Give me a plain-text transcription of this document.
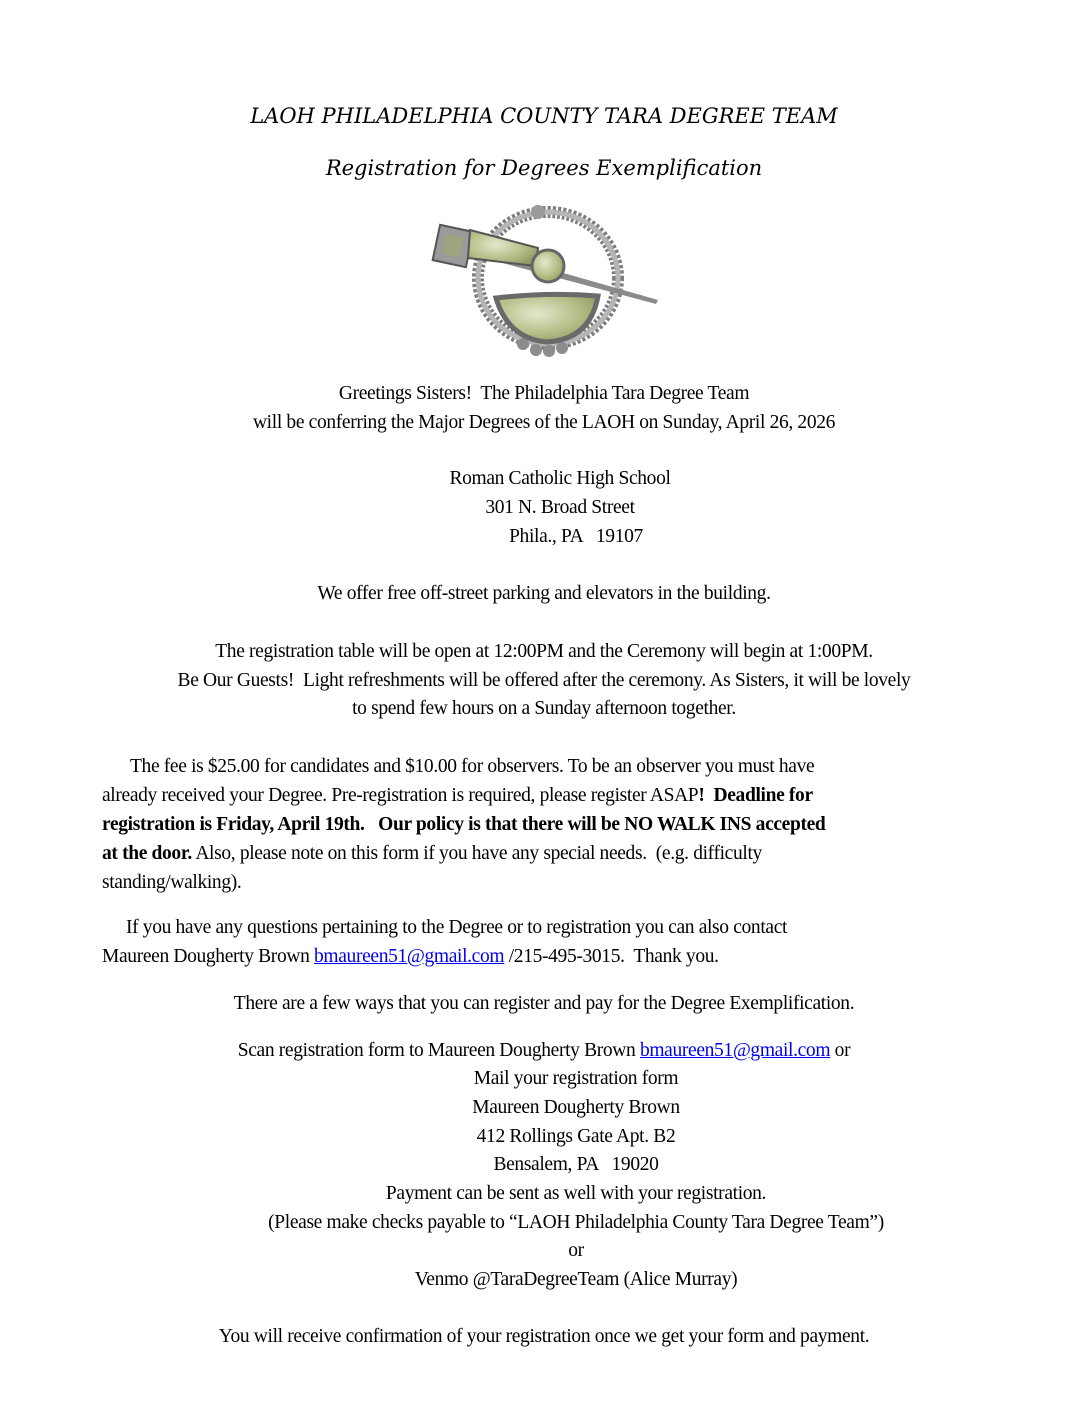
LAOH PHILADELPHIA COUNTY TARA DEGREE TEAM
Registration for Degrees Exemplification
Greetings Sisters!  The Philadelphia Tara Degree Team
will be conferring the Major Degrees of the LAOH on Sunday, April 26, 2026
Roman Catholic High School
301 N. Broad Street
Phila., PA   19107
We offer free off-street parking and elevators in the building.
The registration table will be open at 12:00PM and the Ceremony will begin at 1:00PM.
Be Our Guests!  Light refreshments will be offered after the ceremony. As Sisters, it will be lovely
to spend few hours on a Sunday afternoon together.
The fee is $25.00 for candidates and $10.00 for observers. To be an observer you must have
already received your Degree. Pre-registration is required, please register ASAP!  Deadline for
registration is Friday, April 19th.   Our policy is that there will be NO WALK INS accepted
at the door. Also, please note on this form if you have any special needs.  (e.g. difficulty
standing/walking).
If you have any questions pertaining to the Degree or to registration you can also contact
Maureen Dougherty Brown bmaureen51@gmail.com /215-495-3015.  Thank you.
There are a few ways that you can register and pay for the Degree Exemplification.
Scan registration form to Maureen Dougherty Brown bmaureen51@gmail.com or
Mail your registration form
Maureen Dougherty Brown
412 Rollings Gate Apt. B2
Bensalem, PA   19020
Payment can be sent as well with your registration.
(Please make checks payable to “LAOH Philadelphia County Tara Degree Team”)
or
Venmo @TaraDegreeTeam (Alice Murray)
You will receive confirmation of your registration once we get your form and payment.
